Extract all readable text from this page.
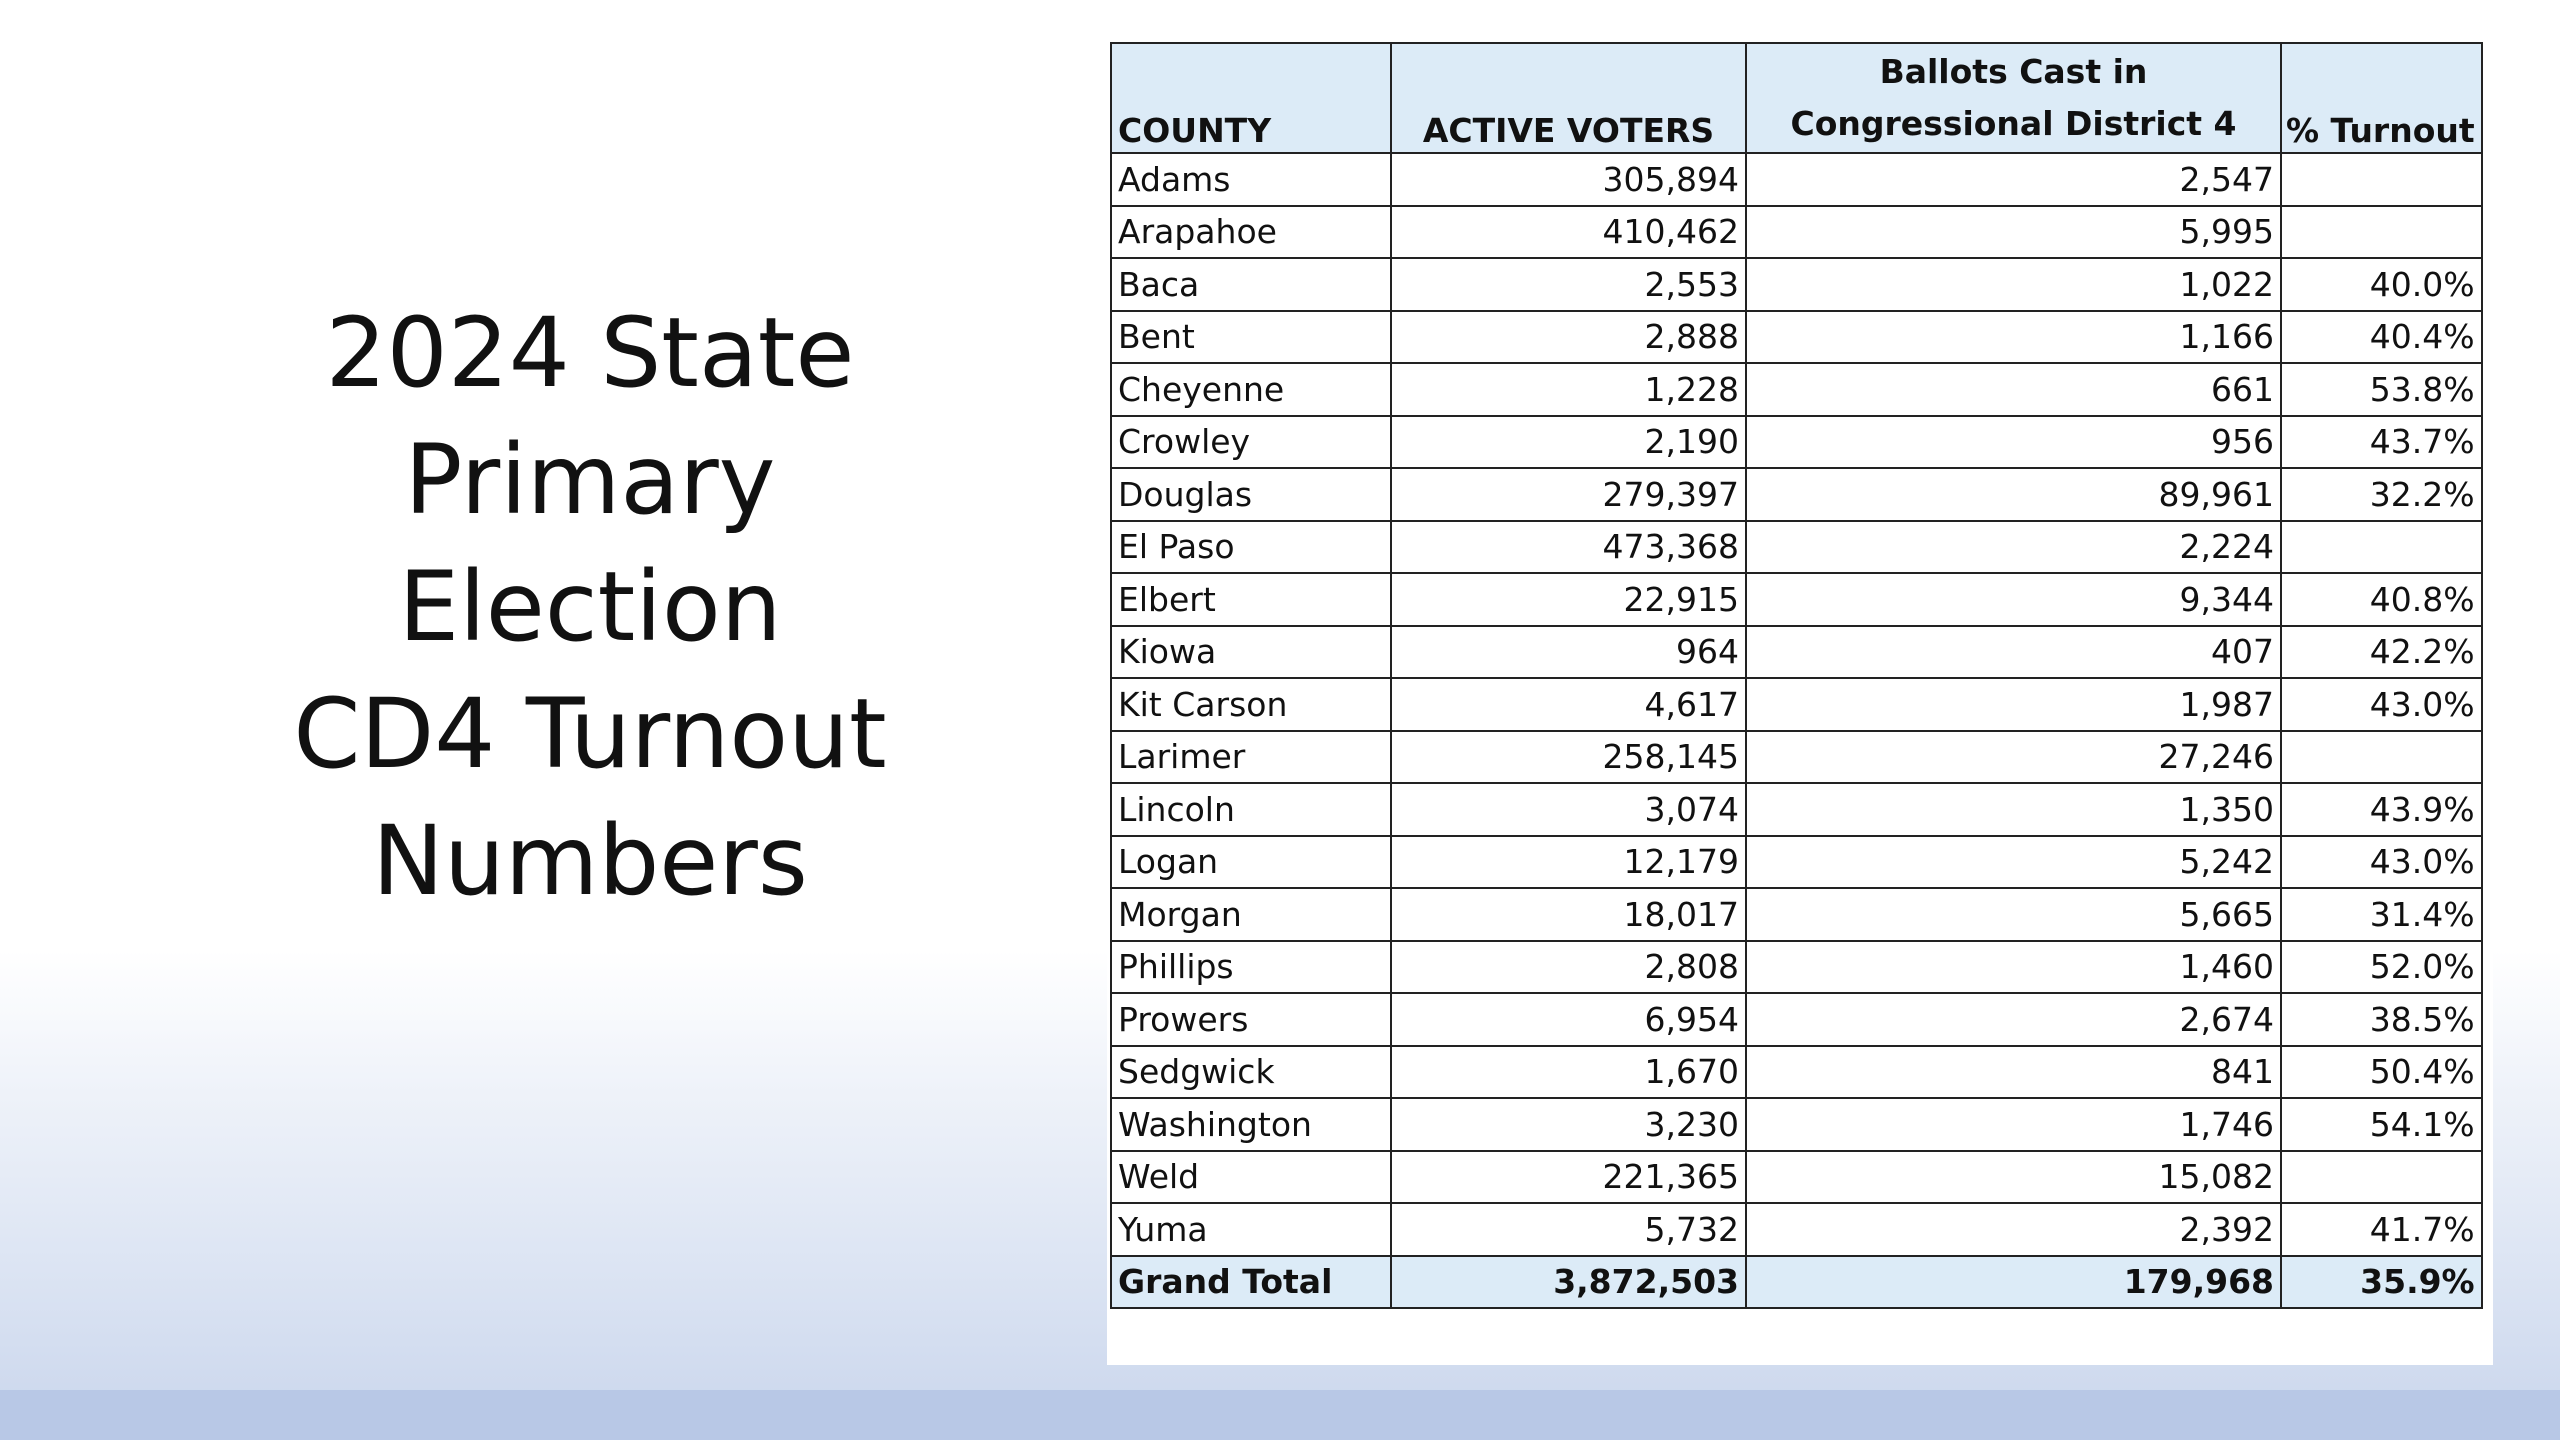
2024 State
Primary
Election
CD4 Turnout
Numbers
COUNTY	ACTIVE VOTERS	Ballots Cast in Congressional District 4	% Turnout
Adams	305,894	2,547	
Arapahoe	410,462	5,995	
Baca	2,553	1,022	40.0%
Bent	2,888	1,166	40.4%
Cheyenne	1,228	661	53.8%
Crowley	2,190	956	43.7%
Douglas	279,397	89,961	32.2%
El Paso	473,368	2,224	
Elbert	22,915	9,344	40.8%
Kiowa	964	407	42.2%
Kit Carson	4,617	1,987	43.0%
Larimer	258,145	27,246	
Lincoln	3,074	1,350	43.9%
Logan	12,179	5,242	43.0%
Morgan	18,017	5,665	31.4%
Phillips	2,808	1,460	52.0%
Prowers	6,954	2,674	38.5%
Sedgwick	1,670	841	50.4%
Washington	3,230	1,746	54.1%
Weld	221,365	15,082	
Yuma	5,732	2,392	41.7%
Grand Total	3,872,503	179,968	35.9%
